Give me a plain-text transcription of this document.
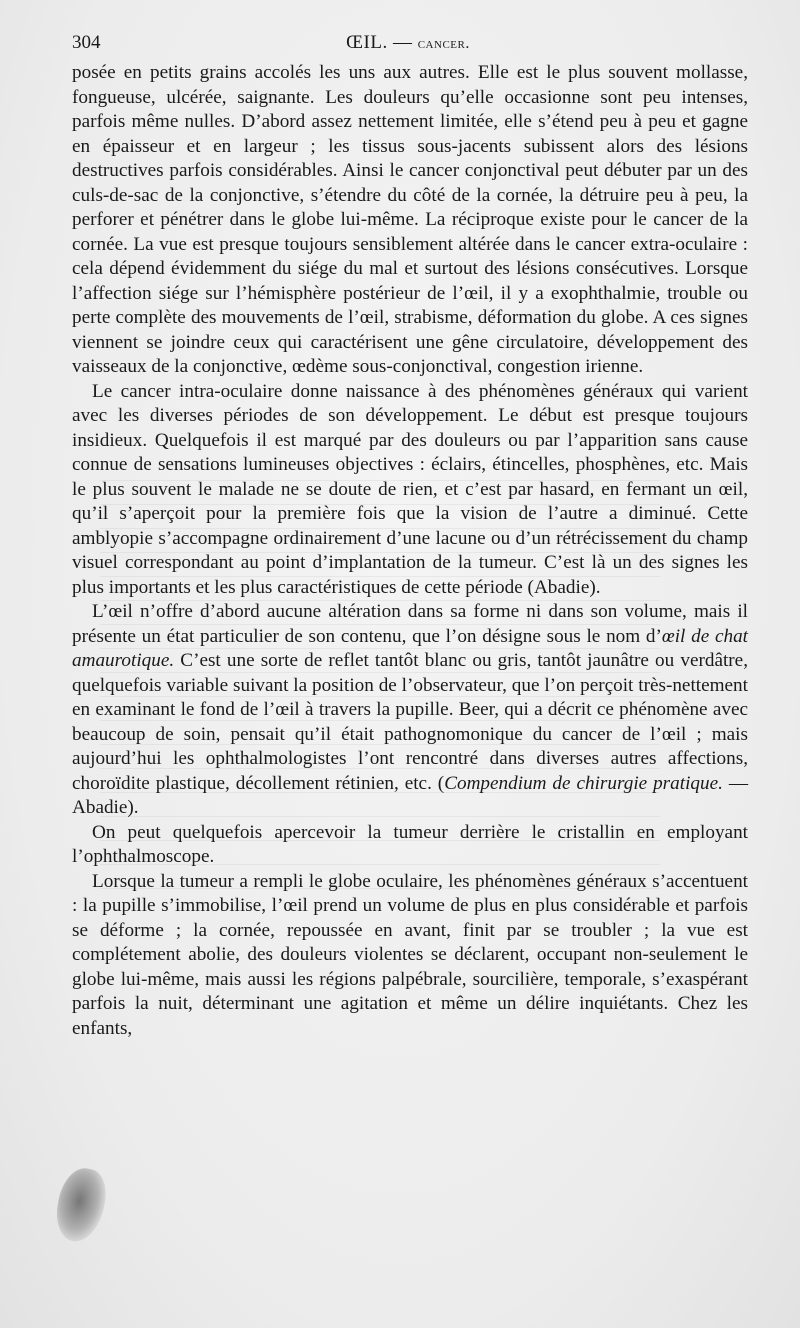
304	ŒIL. — cancer.

posée en petits grains accolés les uns aux autres. Elle est le plus souvent mollasse, fongueuse, ulcérée, saignante. Les douleurs qu’elle occasionne sont peu intenses, parfois même nulles. D’abord assez nettement limitée, elle s’étend peu à peu et gagne en épaisseur et en largeur ; les tissus sous-jacents subissent alors des lésions destructives parfois considérables. Ainsi le cancer conjonctival peut débuter par un des culs-de-sac de la conjonctive, s’étendre du côté de la cornée, la détruire peu à peu, la perforer et pénétrer dans le globe lui-même. La réciproque existe pour le cancer de la cornée. La vue est presque toujours sensiblement altérée dans le cancer extra-oculaire : cela dépend évidemment du siége du mal et surtout des lésions consécutives. Lorsque l’affection siége sur l’hémisphère postérieur de l’œil, il y a exophthalmie, trouble ou perte complète des mouvements de l’œil, strabisme, déformation du globe. A ces signes viennent se joindre ceux qui caractérisent une gêne circulatoire, développement des vaisseaux de la conjonctive, œdème sous-conjonctival, congestion irienne.

Le cancer intra-oculaire donne naissance à des phénomènes généraux qui varient avec les diverses périodes de son développement. Le début est presque toujours insidieux. Quelquefois il est marqué par des douleurs ou par l’apparition sans cause connue de sensations lumineuses objectives : éclairs, étincelles, phosphènes, etc. Mais le plus souvent le malade ne se doute de rien, et c’est par hasard, en fermant un œil, qu’il s’aperçoit pour la première fois que la vision de l’autre a diminué. Cette amblyopie s’accompagne ordinairement d’une lacune ou d’un rétrécissement du champ visuel correspondant au point d’implantation de la tumeur. C’est là un des signes les plus importants et les plus caractéristiques de cette période (Abadie).

L’œil n’offre d’abord aucune altération dans sa forme ni dans son volume, mais il présente un état particulier de son contenu, que l’on désigne sous le nom d’œil de chat amaurotique. C’est une sorte de reflet tantôt blanc ou gris, tantôt jaunâtre ou verdâtre, quelquefois variable suivant la position de l’observateur, que l’on perçoit très-nettement en examinant le fond de l’œil à travers la pupille. Beer, qui a décrit ce phénomène avec beaucoup de soin, pensait qu’il était pathognomonique du cancer de l’œil ; mais aujourd’hui les ophthalmologistes l’ont rencontré dans diverses autres affections, choroïdite plastique, décollement rétinien, etc. (Compendium de chirurgie pratique. — Abadie).

On peut quelquefois apercevoir la tumeur derrière le cristallin en employant l’ophthalmoscope.

Lorsque la tumeur a rempli le globe oculaire, les phénomènes généraux s’accentuent : la pupille s’immobilise, l’œil prend un volume de plus en plus considérable et parfois se déforme ; la cornée, repoussée en avant, finit par se troubler ; la vue est complétement abolie, des douleurs violentes se déclarent, occupant non-seulement le globe lui-même, mais aussi les régions palpébrale, sourcilière, temporale, s’exaspérant parfois la nuit, déterminant une agitation et même un délire inquiétants. Chez les enfants,
